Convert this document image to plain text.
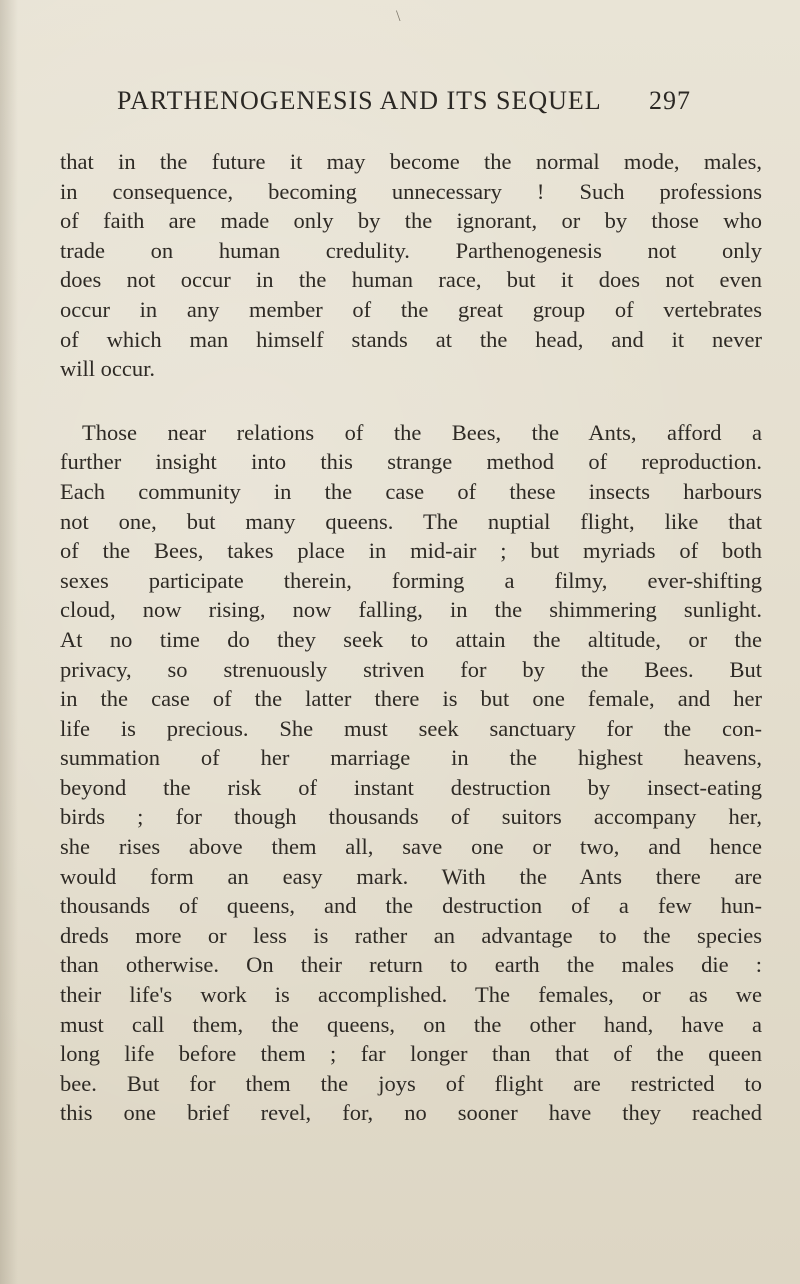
\
PARTHENOGENESIS AND ITS SEQUEL 297
that in the future it may become the normal mode, males,
in consequence, becoming unnecessary ! Such professions
of faith are made only by the ignorant, or by those who
trade on human credulity. Parthenogenesis not only
does not occur in the human race, but it does not even
occur in any member of the great group of vertebrates
of which man himself stands at the head, and it never
will occur.
Those near relations of the Bees, the Ants, afford a
further insight into this strange method of reproduction.
Each community in the case of these insects harbours
not one, but many queens. The nuptial flight, like that
of the Bees, takes place in mid-air ; but myriads of both
sexes participate therein, forming a filmy, ever-shifting
cloud, now rising, now falling, in the shimmering sunlight.
At no time do they seek to attain the altitude, or the
privacy, so strenuously striven for by the Bees. But
in the case of the latter there is but one female, and her
life is precious. She must seek sanctuary for the con-
summation of her marriage in the highest heavens,
beyond the risk of instant destruction by insect-eating
birds ; for though thousands of suitors accompany her,
she rises above them all, save one or two, and hence
would form an easy mark. With the Ants there are
thousands of queens, and the destruction of a few hun-
dreds more or less is rather an advantage to the species
than otherwise. On their return to earth the males die :
their life's work is accomplished. The females, or as we
must call them, the queens, on the other hand, have a
long life before them ; far longer than that of the queen
bee. But for them the joys of flight are restricted to
this one brief revel, for, no sooner have they reached
